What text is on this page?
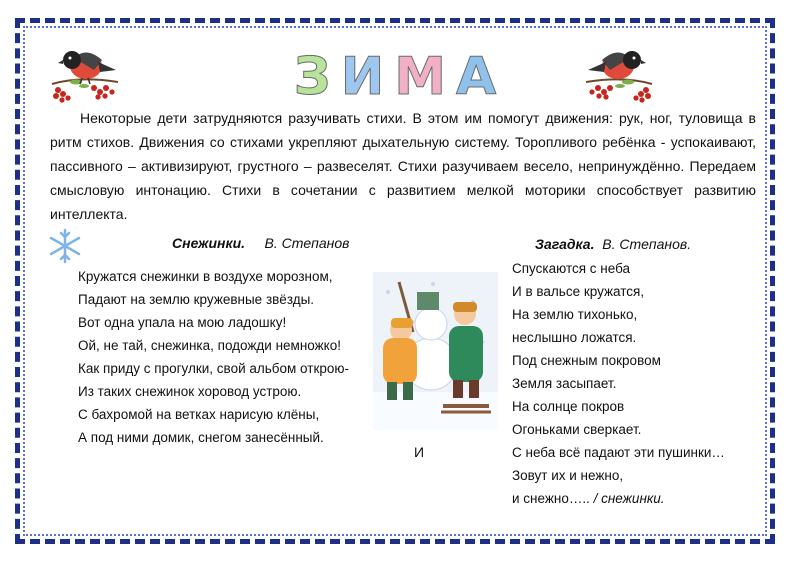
ЗИМА

Некоторые дети затрудняются разучивать стихи. В этом им помогут движения: рук, ног, туловища в ритм стихов. Движения со стихами укрепляют дыхательную систему. Торопливого ребёнка - успокаивают, пассивного – активизируют, грустного – развеселят. Стихи разучиваем весело, непринуждённо. Передаем смысловую интонацию. Стихи в сочетании с развитием мелкой моторики способствует развитию интеллекта.

Снежинки. В. Степанов
Кружатся снежинки в воздухе морозном,
Падают на землю кружевные звёзды.
Вот одна упала на мою ладошку!
Ой, не тай, снежинка, подожди немножко!
Как приду с прогулки, свой альбом открою-
Из таких снежинок хоровод устрою.
С бахромой на ветках нарисую клёны,
А под ними домик, снегом занесённый.
И
Загадка. В. Степанов.
Спускаются с неба
И в вальсе кружатся,
На землю тихонько,
неслышно ложатся.
Под снежным покровом
Земля засыпает.
На солнце покров
Огоньками сверкает.
С неба всё падают эти пушинки…
Зовут их и нежно,
и снежно….. / снежинки.
